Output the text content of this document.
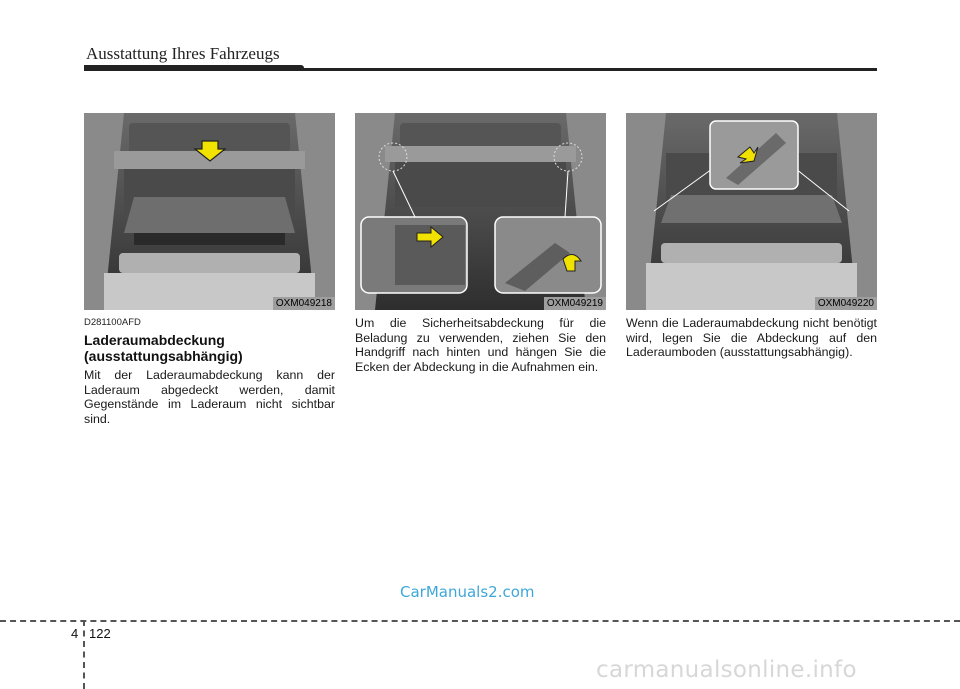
Ausstattung Ihres Fahrzeugs
OXM049218	OXM049219	OXM049220
D281100AFD
Laderaumabdeckung
(ausstattungsabhängig)
Mit der Laderaumabdeckung kann der Laderaum abgedeckt werden, damit Gegenstände im Laderaum nicht sichtbar sind.
Um die Sicherheitsabdeckung für die Beladung zu verwenden, ziehen Sie den Handgriff nach hinten und hängen Sie die Ecken der Abdeckung in die Aufnahmen ein.
Wenn die Laderaumabdeckung nicht benötigt wird, legen Sie die Abdeckung auf den Laderaumboden (ausstattungsabhängig).
CarManuals2.com
4 122
carmanualsonline.info
